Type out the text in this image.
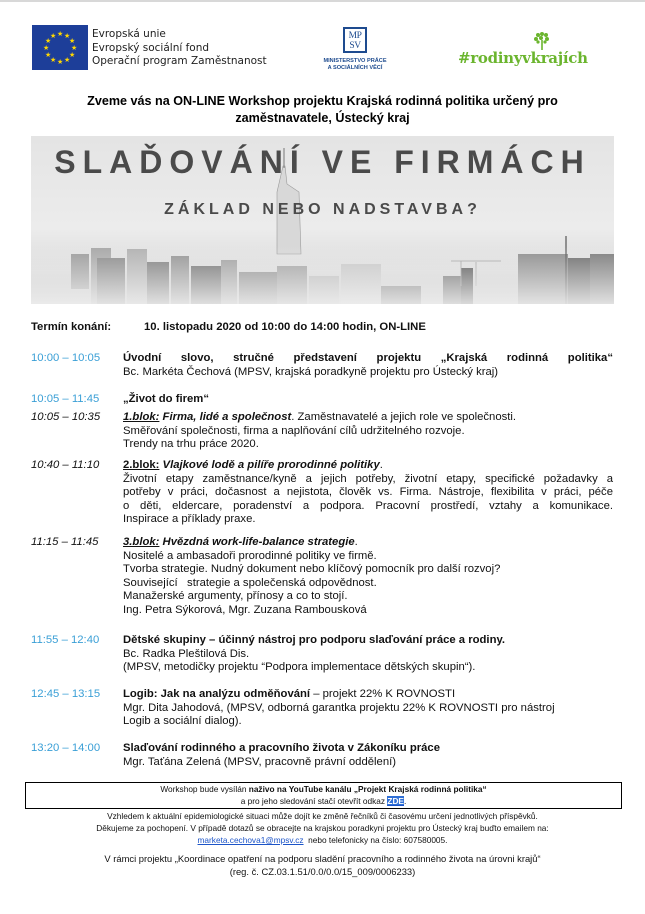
★ ★
★
★
★
★
★
★
★
★
★
★	Evropská unie
Evropský sociální fond
Operační program Zaměstnanost
MP
SV
MINISTERSTVO PRÁCE
A SOCIÁLNÍCH VĚCÍ
#rodinyvkrajích
Zveme vás na ON-LINE Workshop projektu Krajská rodinná politika určený pro
zaměstnavatele, Ústecký kraj
SLAĎOVÁNÍ VE FIRMÁCH
ZÁKLAD NEBO NADSTAVBA?
Termín konání:	10. listopadu 2020 od 10:00 do 14:00 hodin, ON-LINE
10:00 – 10:05	Úvodní slovo, stručné představení projektu „Krajská rodinná politika“
Bc. Markéta Čechová (MPSV, krajská poradkyně projektu pro Ústecký kraj)
10:05 – 11:45	„Život do firem“
10:05 – 10:35	1.blok: Firma, lidé a společnost. Zaměstnavatelé a jejich role ve společnosti.
Směřování společnosti, firma a naplňování cílů udržitelného rozvoje.
Trendy na trhu práce 2020.
10:40 – 11:10	2.blok: Vlajkové lodě a pilíře prorodinné politiky.
Životní etapy zaměstnance/kyně a jejich potřeby, životní etapy, specifické požadavky a
potřeby v práci, dočasnost a nejistota, člověk vs. Firma. Nástroje, flexibilita v práci, péče
o děti, eldercare, poradenství a podpora. Pracovní prostředí, vztahy a komunikace.
Inspirace a příklady praxe.
11:15 – 11:45	3.blok: Hvězdná work-life-balance strategie.
Nositelé a ambasadoři prorodinné politiky ve firmě.
Tvorba strategie. Nudný dokument nebo klíčový pomocník pro další rozvoj?
Související   strategie a společenská odpovědnost.
Manažerské argumenty, přínosy a co to stojí.
Ing. Petra Sýkorová, Mgr. Zuzana Rambousková
11:55 – 12:40	Dětské skupiny – účinný nástroj pro podporu slaďování práce a rodiny.
Bc. Radka Pleštilová Dis.
(MPSV, metodičky projektu “Podpora implementace dětských skupin“).
12:45 – 13:15	Logib: Jak na analýzu odměňování – projekt 22% K ROVNOSTI
Mgr. Dita Jahodová, (MPSV, odborná garantka projektu 22% K ROVNOSTI pro nástroj
Logib a sociální dialog).
13:20 – 14:00	Slaďování rodinného a pracovního života v Zákoníku práce
Mgr. Taťána Zelená (MPSV, pracovně právní oddělení)
Workshop bude vysílán naživo na YouTube kanálu „Projekt Krajská rodinná politika“
a pro jeho sledování stačí otevřít odkaz ZDE.
Vzhledem k aktuální epidemiologické situaci může dojít ke změně řečníků či časovému určení jednotlivých příspěvků.
Děkujeme za pochopení. V případě dotazů se obracejte na krajskou poradkyni projektu pro Ústecký kraj buďto emailem na:
marketa.cechova1@mpsv.cz  nebo telefonicky na číslo: 607580005.
V rámci projektu „Koordinace opatření na podporu sladění pracovního a rodinného života na úrovni krajů“
(reg. č. CZ.03.1.51/0.0/0.0/15_009/0006233)
